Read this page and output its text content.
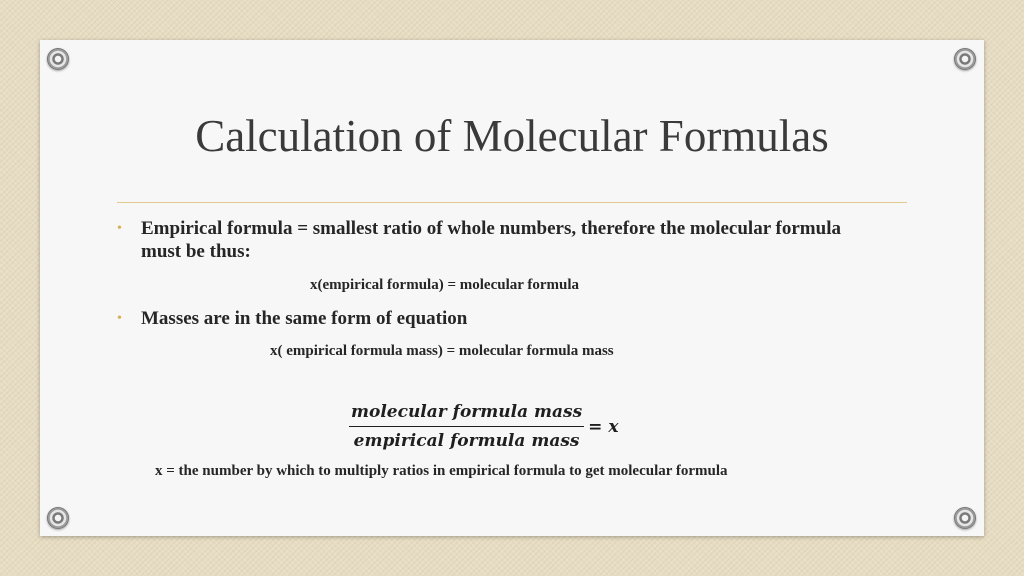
Calculation of Molecular Formulas
• Empirical formula = smallest ratio of whole numbers, therefore the molecular formula must be thus:
x(empirical formula) = molecular formula
• Masses are in the same form of equation
x( empirical formula mass) = molecular formula mass
$\frac{\text{molecular formula mass}}{\text{empirical formula mass}} = x$
x = the number by which to multiply ratios in empirical formula to get molecular formula
